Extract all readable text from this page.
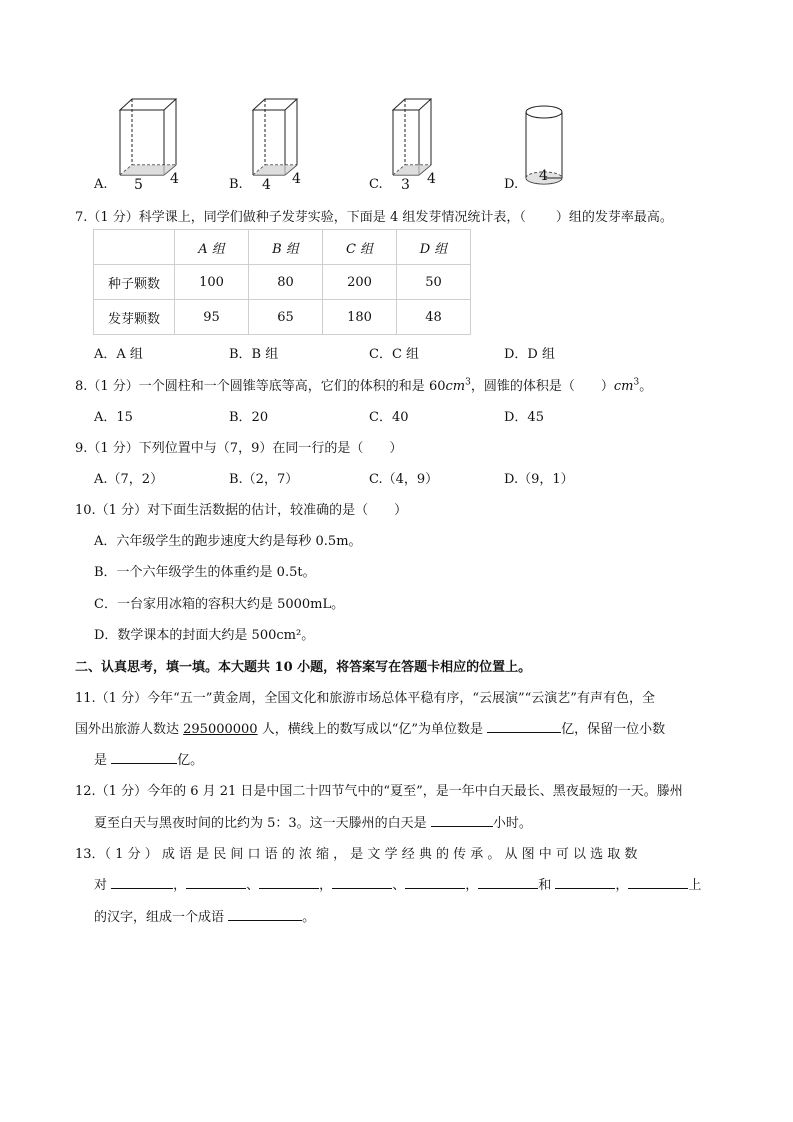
A. 5 4	B. 4 4	C. 3 4	D.
4
7.（1 分）科学课上，同学们做种子发芽实验，下面是 4 组发芽情况统计表，（ ）组的发芽率最高。
	A 组	B 组	C 组	D 组
种子颗数	100	80	200	50
发芽颗数	95	65	180	48
A．A 组	B．B 组	C．C 组	D．D 组
8.（1 分）一个圆柱和一个圆锥等底等高，它们的体积的和是 $60cm^3$，圆锥的体积是（ ）$cm^3$。
A．15	B．20	C．40	D．45
9.（1 分）下列位置中与（7，9）在同一行的是（　　）
A.（7，2）	B.（2，7）	C.（4，9）	D.（9，1）
10.（1 分）对下面生活数据的估计，较准确的是（　　）
A．六年级学生的跑步速度大约是每秒 0.5m。
B．一个六年级学生的体重约是 0.5t。
C．一台家用冰箱的容积大约是 5000mL。
D．数学课本的封面大约是 500cm²。
二、认真思考，填一填。本大题共 10 小题，将答案写在答题卡相应的位置上。
11.（1 分）今年“五一”黄金周，全国文化和旅游市场总体平稳有序，“云展演”“云演艺”有声有色，全
国外出旅游人数达 295000000 人，横线上的数写成以“亿”为单位数是	亿，保留一位小数
是	亿。
12.（1 分）今年的 6 月 21 日是中国二十四节气中的“夏至”，是一年中白天最长、黑夜最短的一天。滕州
夏至白天与黑夜时间的比约为 5：3。这一天滕州的白天是	小时。
13．（ 1 分 ） 成 语 是 民 间 口 语 的 浓 缩 ， 是 文 学 经 典 的 传 承 。 从 图 中 可 以 选 取 数
对	，	、	，	、	，	和	，	上
的汉字，组成一个成语	。
